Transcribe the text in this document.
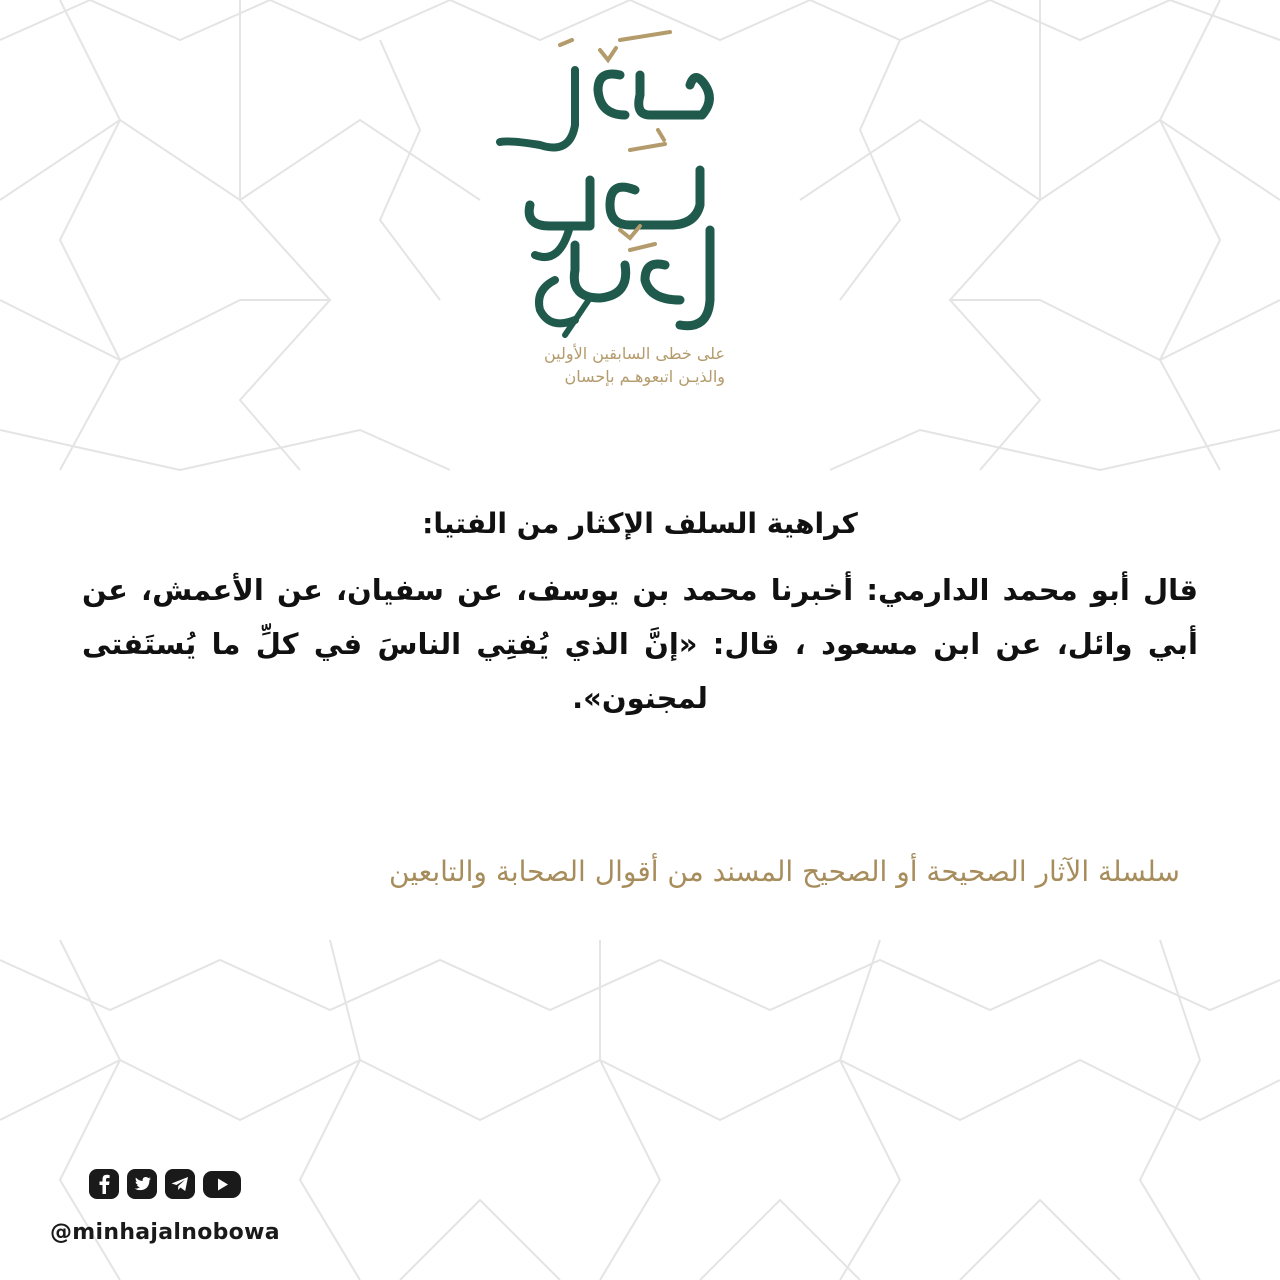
على خطى السابقين الأولين
والذيـن اتبعوهـم بإحسان
كراهية السلف الإكثار من الفتيا:

قال أبو محمد الدارمي: أخبرنا محمد بن يوسف، عن سفيان، عن الأعمش، عن أبي وائل، عن ابن مسعود ، قال: «إنَّ الذي يُفتِي الناسَ في كلِّ ما يُستَفتى لمجنون».

سلسلة الآثار الصحيحة أو الصحيح المسند من أقوال الصحابة والتابعين
@minhajalnobowa
